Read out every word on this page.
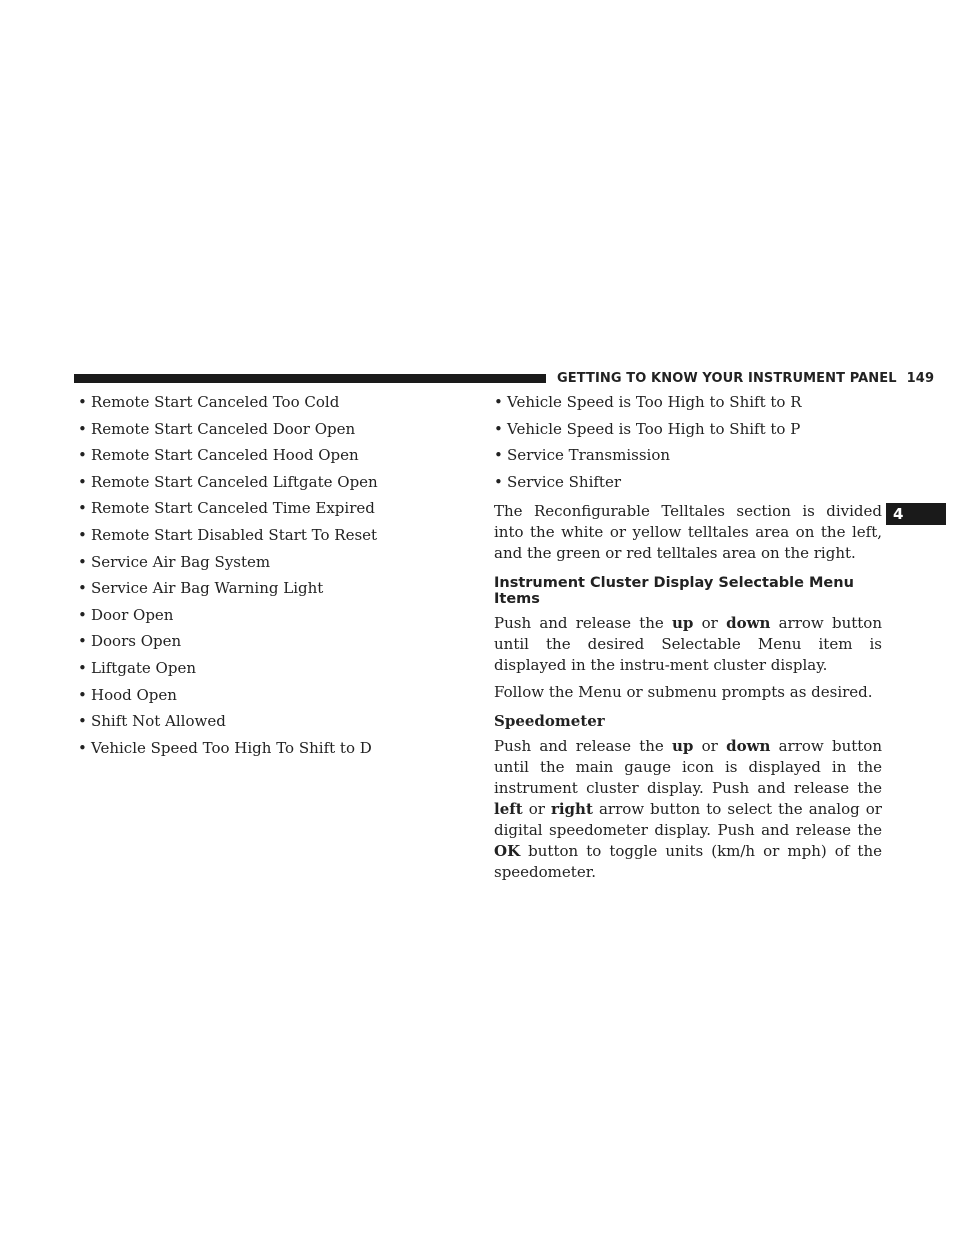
GETTING TO KNOW YOUR INSTRUMENT PANEL 149
4
• Remote Start Canceled Too Cold
• Remote Start Canceled Door Open
• Remote Start Canceled Hood Open
• Remote Start Canceled Liftgate Open
• Remote Start Canceled Time Expired
• Remote Start Disabled Start To Reset
• Service Air Bag System
• Service Air Bag Warning Light
• Door Open
• Doors Open
• Liftgate Open
• Hood Open
• Shift Not Allowed
• Vehicle Speed Too High To Shift to D
• Vehicle Speed is Too High to Shift to R
• Vehicle Speed is Too High to Shift to P
• Service Transmission
• Service Shifter

The Reconfigurable Telltales section is divided into the white or yellow telltales area on the left, and the green or red telltales area on the right.

Instrument Cluster Display Selectable Menu Items

Push and release the up or down arrow button until the desired Selectable Menu item is displayed in the instru-ment cluster display.

Follow the Menu or submenu prompts as desired.

Speedometer

Push and release the up or down arrow button until the main gauge icon is displayed in the instrument cluster display. Push and release the left or right arrow button to select the analog or digital speedometer display. Push and release the OK button to toggle units (km/h or mph) of the speedometer.
